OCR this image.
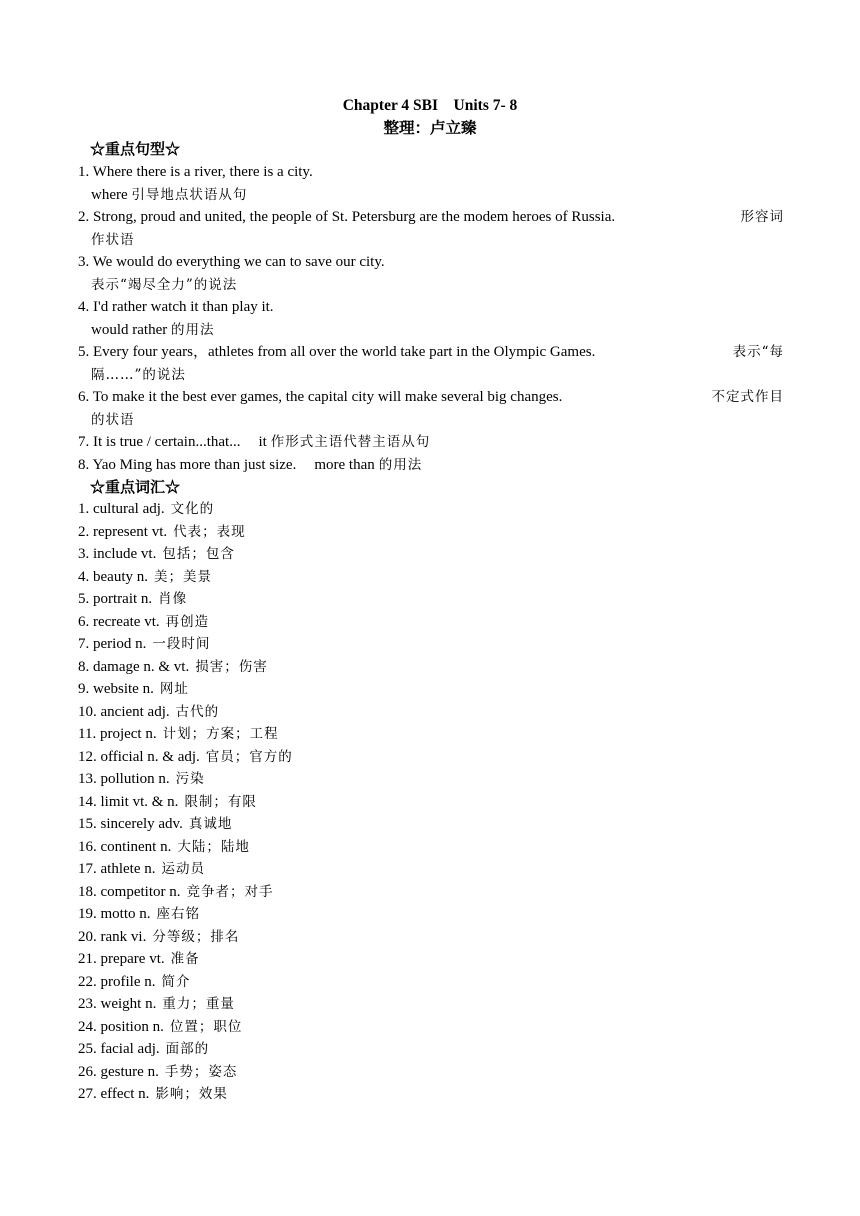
Chapter 4 SBI　Units 7- 8
整理：卢立臻
☆重点句型☆
1. Where there is a river, there is a city.
where 引导地点状语从句
2. Strong, proud and united, the people of St. Petersburg are the modem heroes of Russia.	形容词
作状语
3. We would do everything we can to save our city.
表示“竭尽全力”的说法
4. I'd rather watch it than play it.
would rather 的用法
5. Every four years，athletes from all over the world take part in the Olympic Games.	表示“每
隔……”的说法
6. To make it the best ever games, the capital city will make several big changes.	不定式作目
的状语
7. It is true / certain...that... it 作形式主语代替主语从句
8. Yao Ming has more than just size. more than 的用法
☆重点词汇☆
1. cultural adj. 文化的
2. represent vt. 代表；表现
3. include vt. 包括；包含
4. beauty n. 美；美景
5. portrait n. 肖像
6. recreate vt. 再创造
7. period n. 一段时间
8. damage n. & vt. 损害；伤害
9. website n. 网址
10. ancient adj. 古代的
11. project n. 计划；方案；工程
12. official n. & adj. 官员；官方的
13. pollution n. 污染
14. limit vt. & n. 限制；有限
15. sincerely adv. 真诚地
16. continent n. 大陆；陆地
17. athlete n. 运动员
18. competitor n. 竞争者；对手
19. motto n. 座右铭
20. rank vi. 分等级；排名
21. prepare vt. 准备
22. profile n. 简介
23. weight n. 重力；重量
24. position n. 位置；职位
25. facial adj. 面部的
26. gesture n. 手势；姿态
27. effect n. 影响；效果
